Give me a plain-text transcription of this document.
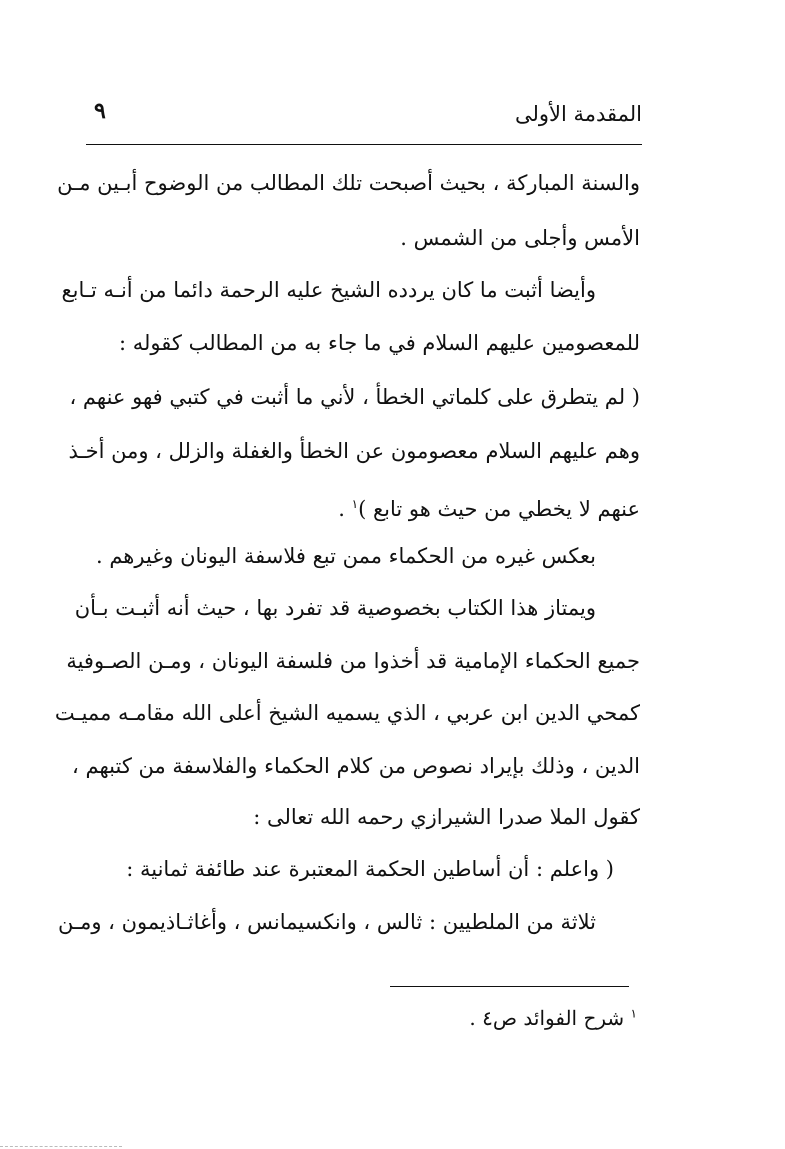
المقدمة الأولى
٩
والسنة المباركة ، بحيث أصبحت تلك المطالب من الوضوح أبـين مـن
الأمس وأجلى من الشمس .
وأيضا أثبت ما كان يردده الشيخ عليه الرحمة دائما من أنـه تـابع
للمعصومين عليهم السلام في ما جاء به من المطالب كقوله :
( لم يتطرق على كلماتي الخطأ ، لأني ما أثبت في كتبي فهو عنهم ،
وهم عليهم السلام معصومون عن الخطأ والغفلة والزلل ، ومن أخـذ
عنهم لا يخطي من حيث هو تابع )$^١$ .
بعكس غيره من الحكماء ممن تبع فلاسفة اليونان وغيرهم .
ويمتاز هذا الكتاب بخصوصية قد تفرد بها ، حيث أنه أثبـت بـأن
جميع الحكماء الإمامية قد أخذوا من فلسفة اليونان ، ومـن الصـوفية
كمحي الدين ابن عربي ، الذي يسميه الشيخ أعلى الله مقامـه مميـت
الدين ، وذلك بإيراد نصوص من كلام الحكماء والفلاسفة من كتبهم ،
كقول الملا صدرا الشيرازي رحمه الله تعالى :
( واعلم : أن أساطين الحكمة المعتبرة عند طائفة ثمانية :
ثلاثة من الملطيين : ثالس ، وانكسيمانس ، وأغاثـاذيمون ، ومـن
$^١$ شرح الفوائد ص٤ .
